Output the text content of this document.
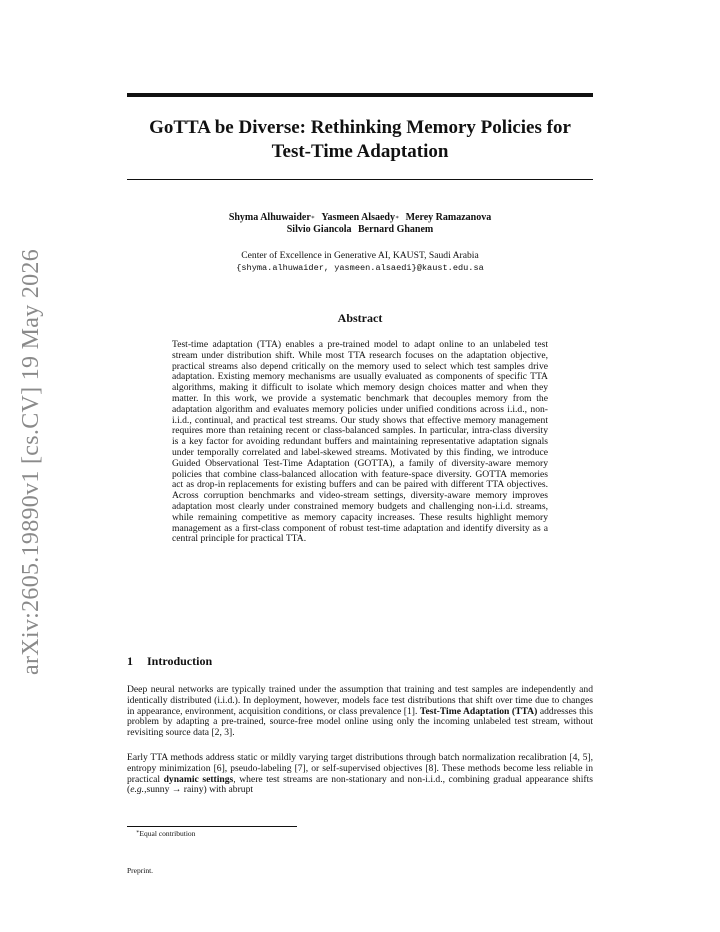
arXiv:2605.19890v1 [cs.CV] 19 May 2026
GoTTA be Diverse: Rethinking Memory Policies for
Test-Time Adaptation
Shyma Alhuwaider∗ Yasmeen Alsaedy∗ Merey Ramazanova
Silvio Giancola Bernard Ghanem
Center of Excellence in Generative AI, KAUST, Saudi Arabia
{shyma.alhuwaider, yasmeen.alsaedi}@kaust.edu.sa
Abstract

Test-time adaptation (TTA) enables a pre-trained model to adapt online to an unlabeled test stream under distribution shift. While most TTA research focuses on the adaptation objective, practical streams also depend critically on the memory used to select which test samples drive adaptation. Existing memory mechanisms are usually evaluated as components of specific TTA algorithms, making it difficult to isolate which memory design choices matter and when they matter. In this work, we provide a systematic benchmark that decouples memory from the adaptation algorithm and evaluates memory policies under unified conditions across i.i.d., non-i.i.d., continual, and practical test streams. Our study shows that effective memory management requires more than retaining recent or class-balanced samples. In particular, intra-class diversity is a key factor for avoiding redundant buffers and maintaining representative adaptation signals under temporally correlated and label-skewed streams. Motivated by this finding, we introduce Guided Observational Test-Time Adaptation (GOTTA), a family of diversity-aware memory policies that combine class-balanced allocation with feature-space diversity. GOTTA memories act as drop-in replacements for existing buffers and can be paired with different TTA objectives. Across corruption benchmarks and video-stream settings, diversity-aware memory improves adaptation most clearly under constrained memory budgets and challenging non-i.i.d. streams, while remaining competitive as memory capacity increases. These results highlight memory management as a first-class component of robust test-time adaptation and identify diversity as a central principle for practical TTA.

1 Introduction

Deep neural networks are typically trained under the assumption that training and test samples are independently and identically distributed (i.i.d.). In deployment, however, models face test distributions that shift over time due to changes in appearance, environment, acquisition conditions, or class prevalence [1]. Test-Time Adaptation (TTA) addresses this problem by adapting a pre-trained, source-free model online using only the incoming unlabeled test stream, without revisiting source data [2, 3].

Early TTA methods address static or mildly varying target distributions through batch normalization recalibration [4, 5], entropy minimization [6], pseudo-labeling [7], or self-supervised objectives [8]. These methods become less reliable in practical dynamic settings, where test streams are non-stationary and non-i.i.d., combining gradual appearance shifts (e.g.,sunny → rainy) with abrupt

∗Equal contribution
Preprint.
